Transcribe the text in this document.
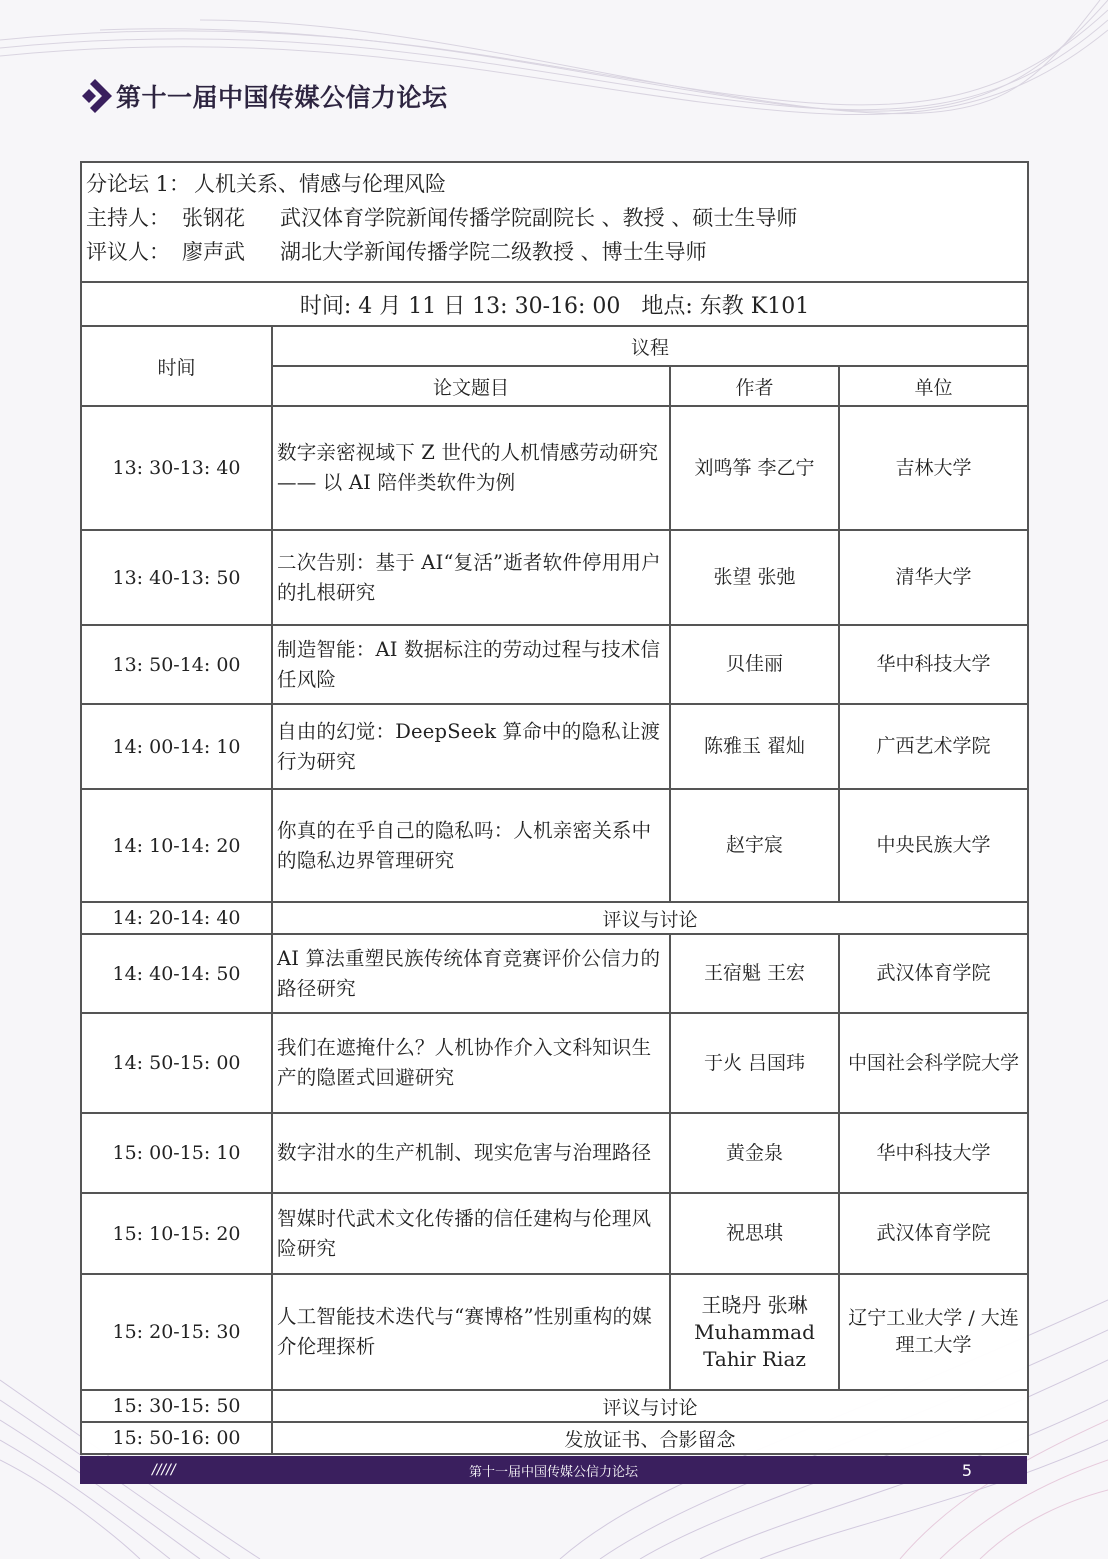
第十一届中国传媒公信力论坛
分论坛 1： 人机关系、情感与伦理风险
主持人： 张钢花	武汉体育学院新闻传播学院副院长 、教授 、硕士生导师
评议人： 廖声武	湖北大学新闻传播学院二级教授 、博士生导师

时间: 4 月 11 日 13: 30-16: 00   地点: 东教 K101			
时间	议程		
	论文题目	作者	单位
13: 30-13: 40	数字亲密视域下 Z 世代的人机情感劳动研究—— 以 AI 陪伴类软件为例	刘鸣筝 李乙宁	吉林大学
13: 40-13: 50	二次告别：基于 AI“复活”逝者软件停用用户的扎根研究	张望 张弛	清华大学
13: 50-14: 00	制造智能：AI 数据标注的劳动过程与技术信任风险	贝佳丽	华中科技大学
14: 00-14: 10	自由的幻觉：DeepSeek 算命中的隐私让渡行为研究	陈雅玉 翟灿	广西艺术学院
14: 10-14: 20	你真的在乎自己的隐私吗：人机亲密关系中的隐私边界管理研究	赵宇宸	中央民族大学
14: 20-14: 40	评议与讨论		
14: 40-14: 50	AI 算法重塑民族传统体育竞赛评价公信力的路径研究	王宿魁 王宏	武汉体育学院
14: 50-15: 00	我们在遮掩什么？人机协作介入文科知识生产的隐匿式回避研究	于火 吕国玮	中国社会科学院大学
15: 00-15: 10	数字泔水的生产机制、现实危害与治理路径	黄金泉	华中科技大学
15: 10-15: 20	智媒时代武术文化传播的信任建构与伦理风险研究	祝思琪	武汉体育学院
15: 20-15: 30	人工智能技术迭代与“赛博格”性别重构的媒介伦理探析	王晓丹 张琳 Muhammad Tahir Riaz	辽宁工业大学 / 大连理工大学
15: 30-15: 50	评议与讨论		
15: 50-16: 00	发放证书、合影留念		
/////	第十一届中国传媒公信力论坛	5
